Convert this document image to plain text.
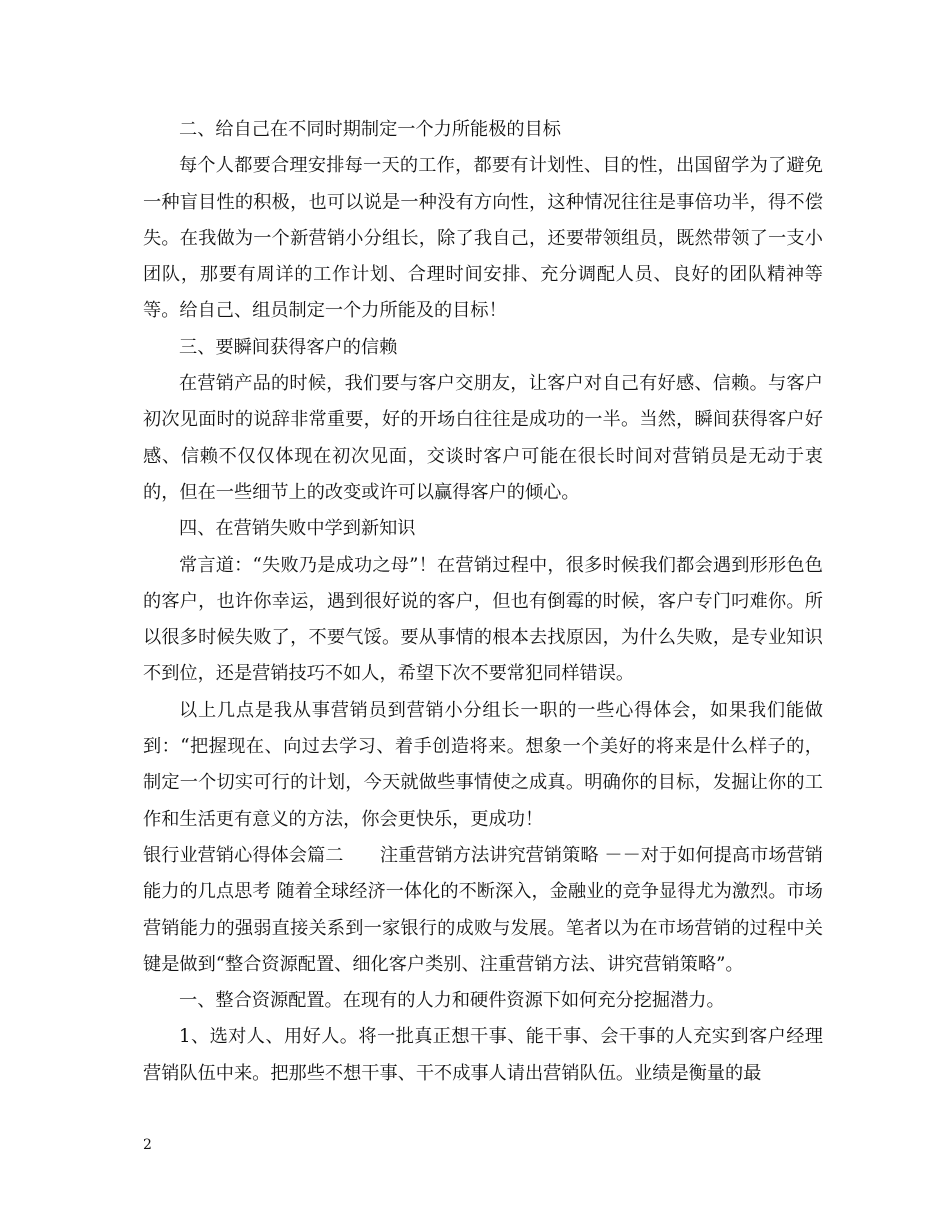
二、给自己在不同时期制定一个力所能极的目标

每个人都要合理安排每一天的工作，都要有计划性、目的性，出国留学为了避免一种盲目性的积极，也可以说是一种没有方向性，这种情况往往是事倍功半，得不偿失。在我做为一个新营销小分组长，除了我自己，还要带领组员，既然带领了一支小团队，那要有周详的工作计划、合理时间安排、充分调配人员、良好的团队精神等等。给自己、组员制定一个力所能及的目标！

三、要瞬间获得客户的信赖

在营销产品的时候，我们要与客户交朋友，让客户对自己有好感、信赖。与客户初次见面时的说辞非常重要，好的开场白往往是成功的一半。当然，瞬间获得客户好感、信赖不仅仅体现在初次见面，交谈时客户可能在很长时间对营销员是无动于衷的，但在一些细节上的改变或许可以赢得客户的倾心。

四、在营销失败中学到新知识

常言道：“失败乃是成功之母”！在营销过程中，很多时候我们都会遇到形形色色的客户，也许你幸运，遇到很好说的客户，但也有倒霉的时候，客户专门叼难你。所以很多时候失败了，不要气馁。要从事情的根本去找原因，为什么失败，是专业知识不到位，还是营销技巧不如人，希望下次不要常犯同样错误。

以上几点是我从事营销员到营销小分组长一职的一些心得体会，如果我们能做到：“把握现在、向过去学习、着手创造将来。想象一个美好的将来是什么样子的，制定一个切实可行的计划，今天就做些事情使之成真。明确你的目标，发掘让你的工作和生活更有意义的方法，你会更快乐，更成功！

银行业营销心得体会篇二　　注重营销方法讲究营销策略 －－对于如何提高市场营销能力的几点思考 随着全球经济一体化的不断深入，金融业的竞争显得尤为激烈。市场营销能力的强弱直接关系到一家银行的成败与发展。笔者以为在市场营销的过程中关键是做到“整合资源配置、细化客户类别、注重营销方法、讲究营销策略”。

一、整合资源配置。在现有的人力和硬件资源下如何充分挖掘潜力。

1、选对人、用好人。将一批真正想干事、能干事、会干事的人充实到客户经理营销队伍中来。把那些不想干事、干不成事人请出营销队伍。业绩是衡量的最

2
